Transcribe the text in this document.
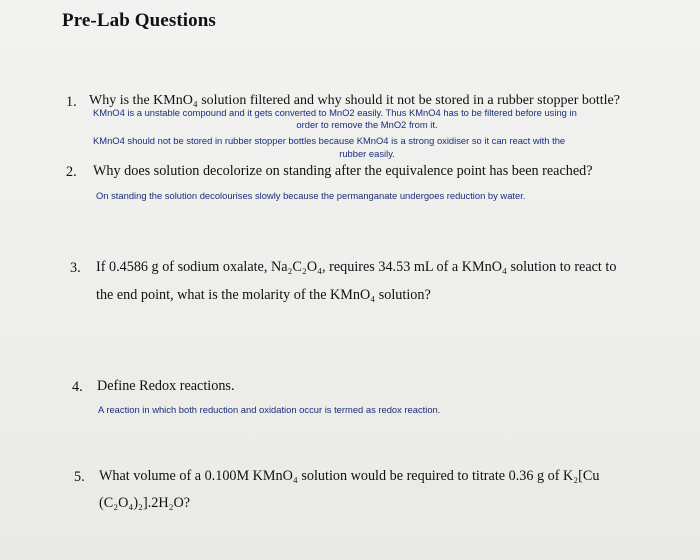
Pre-Lab Questions
1. Why is the KMnO₄ solution filtered and why should it not be stored in a rubber stopper bottle?
KMnO4 is a unstable compound and it gets converted to MnO2 easily. Thus KMnO4 has to be filtered before using in
order to remove the MnO2 from it.
KMnO4 should not be stored in rubber stopper bottles because KMnO4 is a strong oxidiser so it can react with the
rubber easily.
2. Why does solution decolorize on standing after the equivalence point has been reached?
On standing the solution decolourises slowly because the permanganate undergoes reduction by water.
3. If 0.4586 g of sodium oxalate, Na₂C₂O₄, requires 34.53 mL of a KMnO₄ solution to react to
the end point, what is the molarity of the KMnO₄ solution?
4. Define Redox reactions.
A reaction in which both reduction and oxidation occur is termed as redox reaction.
5. What volume of a 0.100M KMnO₄ solution would be required to titrate 0.36 g of K₂[Cu
(C₂O₄)₂].2H₂O?
